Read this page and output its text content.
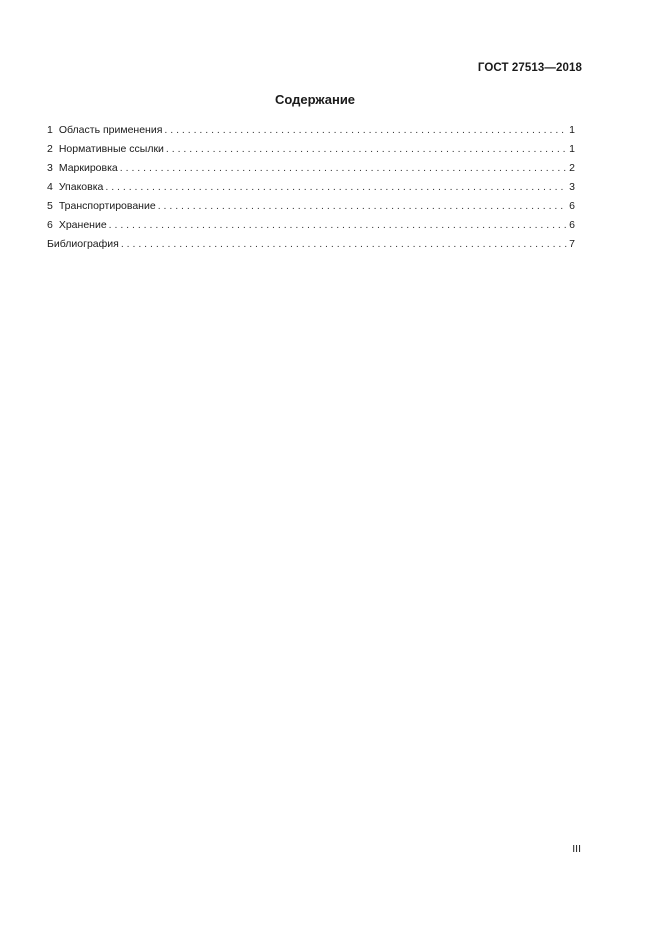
ГОСТ 27513—2018
Содержание
1 Область применения . . .	1
2 Нормативные ссылки . . .	1
3 Маркировка . . .	2
4 Упаковка . . .	3
5 Транспортирование . . .	6
6 Хранение . . .	6
Библиография . . .	7
III
